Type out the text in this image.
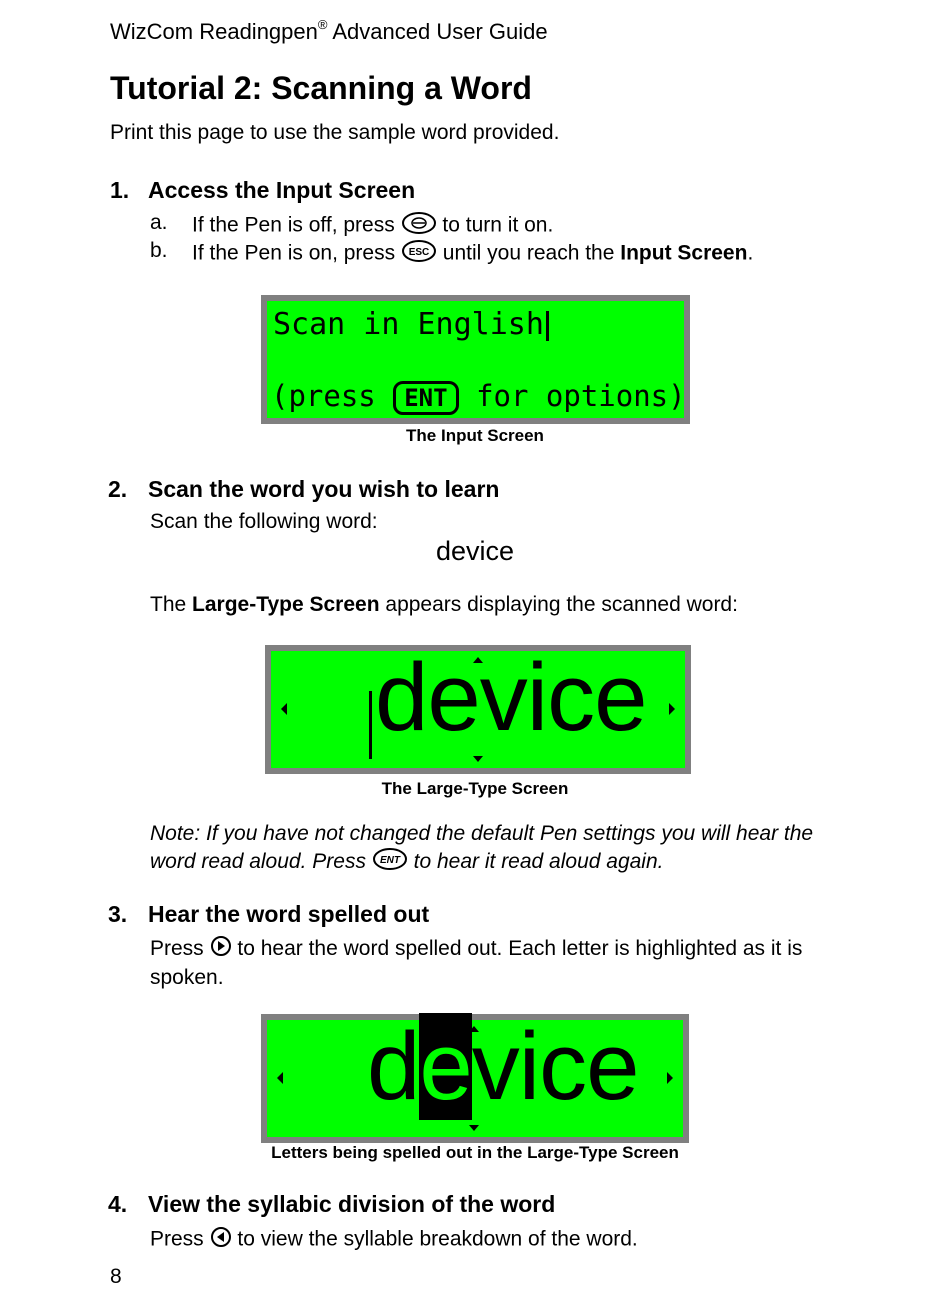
WizCom Readingpen® Advanced User Guide
Tutorial 2: Scanning a Word
Print this page to use the sample word provided.
1. Access the Input Screen
a. If the Pen is off, press to turn it on.
b. If the Pen is on, press ESC until you reach the Input Screen.
Scan in English
(press ENT for options)
The Input Screen
2. Scan the word you wish to learn
Scan the following word:
device
The Large-Type Screen appears displaying the scanned word:
device
The Large-Type Screen
Note: If you have not changed the default Pen settings you will hear the word read aloud. Press ENT to hear it read aloud again.
3. Hear the word spelled out
Press to hear the word spelled out. Each letter is highlighted as it is spoken.
device
Letters being spelled out in the Large-Type Screen
4. View the syllabic division of the word
Press to view the syllable breakdown of the word.
8
